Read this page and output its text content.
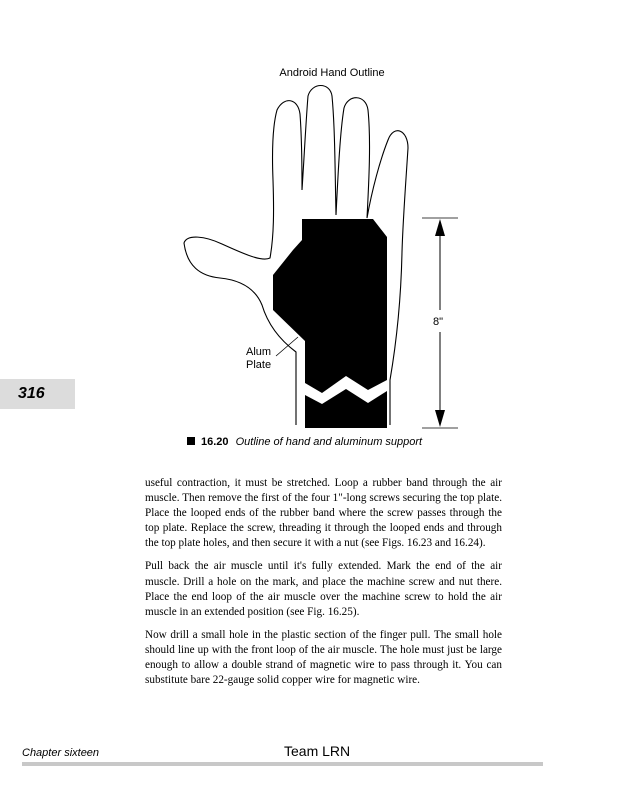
Android Hand Outline
Alum
Plate
8"
16.20 Outline of hand and aluminum support
316

useful contraction, it must be stretched. Loop a rubber band through the air muscle. Then remove the first of the four 1"-long screws securing the top plate. Place the looped ends of the rubber band where the screw passes through the top plate. Replace the screw, threading it through the looped ends and through the top plate holes, and then secure it with a nut (see Figs. 16.23 and 16.24).

Pull back the air muscle until it's fully extended. Mark the end of the air muscle. Drill a hole on the mark, and place the machine screw and nut there. Place the end loop of the air muscle over the machine screw to hold the air muscle in an extended position (see Fig. 16.25).

Now drill a small hole in the plastic section of the finger pull. The small hole should line up with the front loop of the air muscle. The hole must just be large enough to allow a double strand of magnetic wire to pass through it. You can substitute bare 22-gauge solid copper wire for magnetic wire.

Chapter sixteen	Team LRN
